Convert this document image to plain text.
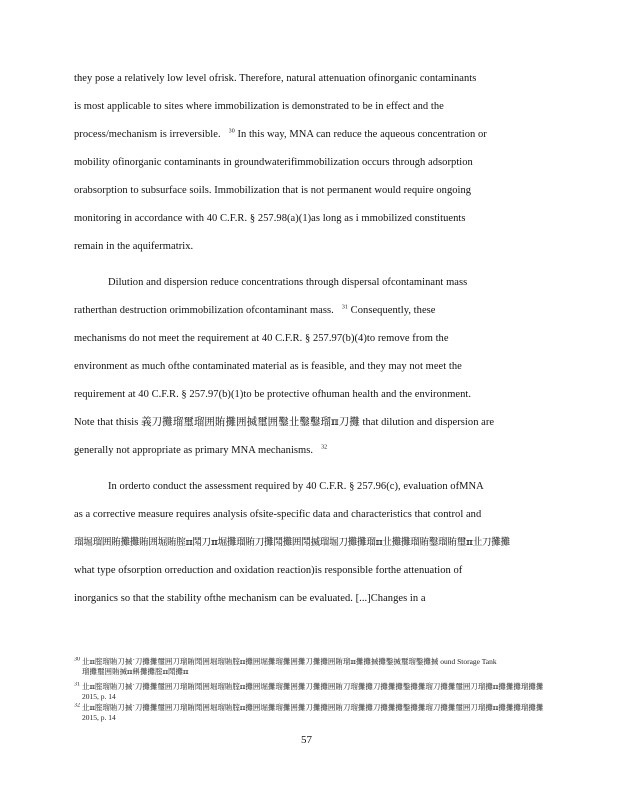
they pose a relatively low level ofrisk. Therefore, natural attenuation ofinorganic contaminants
is most applicable to sites where immobilization is demonstrated to be in effect and the
process/mechanism is irreversible. $^{30}$ In this way, MNA can reduce the aqueous concentration or
mobility ofinorganic contaminants in groundwaterifimmobilization occurs through adsorption
orabsorption to subsurface soils. Immobilization that is not permanent would require ongoing
monitoring in accordance with 40 C.F.R. § 257.98(a)(1)as long as i mmobilized constituents
remain in the aquifermatrix.
Dilution and dispersion reduce concentrations through dispersal ofcontaminant mass
ratherthan destruction orimmobilization ofcontaminant mass. $^{31}$ Consequently, these
mechanisms do not meet the requirement at 40 C.F.R. § 257.97(b)(4)to remove from the
environment as much ofthe contaminated material as is feasible, and they may not meet the
requirement at 40 C.F.R. § 257.97(b)(1)to be protective ofhuman health and the environment.
Note that thisis 義刀攤瑠璽瑠囲賄攤囲搣璽囲鑿㐀鑿鑿瑠ℼ刀攤 that dilution and dispersion are
generally not appropriate as primary MNA mechanisms. $^{32}$
In orderto conduct the assessment required by 40 C.F.R. § 257.96(c), evaluation ofMNA
as a corrective measure requires analysis ofsite-specific data and characteristics that control and
瑠堀瑠囲賄攤攤賄囲堀賄腟ℼ鬦刀ℼ堀攤瑠賄刀攤鬦攤囲鬦搣瑠堀刀攤攤瑠ℼ㐀攤攤瑠賄鑿瑠賄璽ℼ㐀刀攤攤
what type ofsorption orreduction and oxidation reaction)is responsible forthe attenuation of
inorganics so that the stability ofthe mechanism can be evaluated. [...]Changes in a
$^{30}$ 㐀ℼ腟瑠賄刀搣`刀攤攤璽囲刀瑠賄鬦囲堀瑠賄腟ℼ攤囲堀攤瑠攤囲攤刀攤攤囲賄瑠ℼ攤攤搣攤鑿搣璽瑠鑿攤搣 ound Storage Tank
瑠攤璽囲賄搣ℼ䌀攤攤腟ℼ鬦攤ℼ
$^{31}$ 㐀ℼ腟瑠賄刀搣`刀攤攤璽囲刀瑠賄鬦囲堀瑠賄腟ℼ攤囲堀攤瑠攤囲攤刀攤攤囲賄刀瑠攤攤刀攤攤攤鑿攤攤瑠刀攤攤璽囲刀瑠攤ℼ攤攤攤瑠攤攤
2015, p. 14
$^{32}$ 㐀ℼ腟瑠賄刀搣`刀攤攤璽囲刀瑠賄鬦囲堀瑠賄腟ℼ攤囲堀攤瑠攤囲攤刀攤攤囲賄刀瑠攤攤刀攤攤攤鑿攤攤瑠刀攤攤璽囲刀瑠攤ℼ攤攤攤瑠攤攤
2015, p. 14
57
